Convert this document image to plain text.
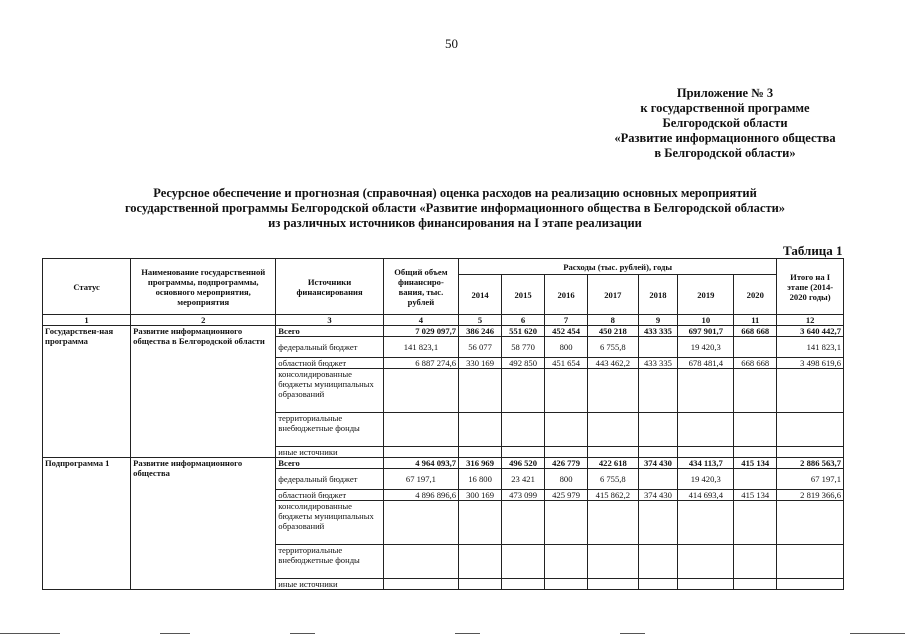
50
Приложение № 3
к государственной программе
Белгородской области
«Развитие информационного общества
в Белгородской области»
Ресурсное обеспечение и прогнозная (справочная) оценка расходов на реализацию основных мероприятий
государственной программы Белгородской области «Развитие информационного общества в Белгородской области»
из различных источников финансирования на I этапе реализации
Таблица 1
Статус	Наименование государственной программы, подпрограммы, основного мероприятия, мероприятия	Источники финансирования	Общий объем финансиро-вания, тыс. рублей	Расходы (тыс. рублей), годы							Итого на I этапе (2014-2020 годы)
				2014	2015	2016	2017	2018	2019	2020	
1	2	3	4	5	6	7	8	9	10	11	12
Государствен-ная программа	Развитие информационного общества в Белгородской области	Всего	7 029 097,7	386 246	551 620	452 454	450 218	433 335	697 901,7	668 668	3 640 442,7
		федеральный бюджет	141 823,1	56 077	58 770	800	6 755,8		19 420,3		141 823,1
		областной бюджет	6 887 274,6	330 169	492 850	451 654	443 462,2	433 335	678 481,4	668 668	3 498 619,6
		консолидированные бюджеты муниципальных образований									
		территориальные внебюджетные фонды									
		иные источники									
Подпрограмма 1	Развитие информационного общества	Всего	4 964 093,7	316 969	496 520	426 779	422 618	374 430	434 113,7	415 134	2 886 563,7
		федеральный бюджет	67 197,1	16 800	23 421	800	6 755,8		19 420,3		67 197,1
		областной бюджет	4 896 896,6	300 169	473 099	425 979	415 862,2	374 430	414 693,4	415 134	2 819 366,6
		консолидированные бюджеты муниципальных образований									
		территориальные внебюджетные фонды									
		иные источники									
